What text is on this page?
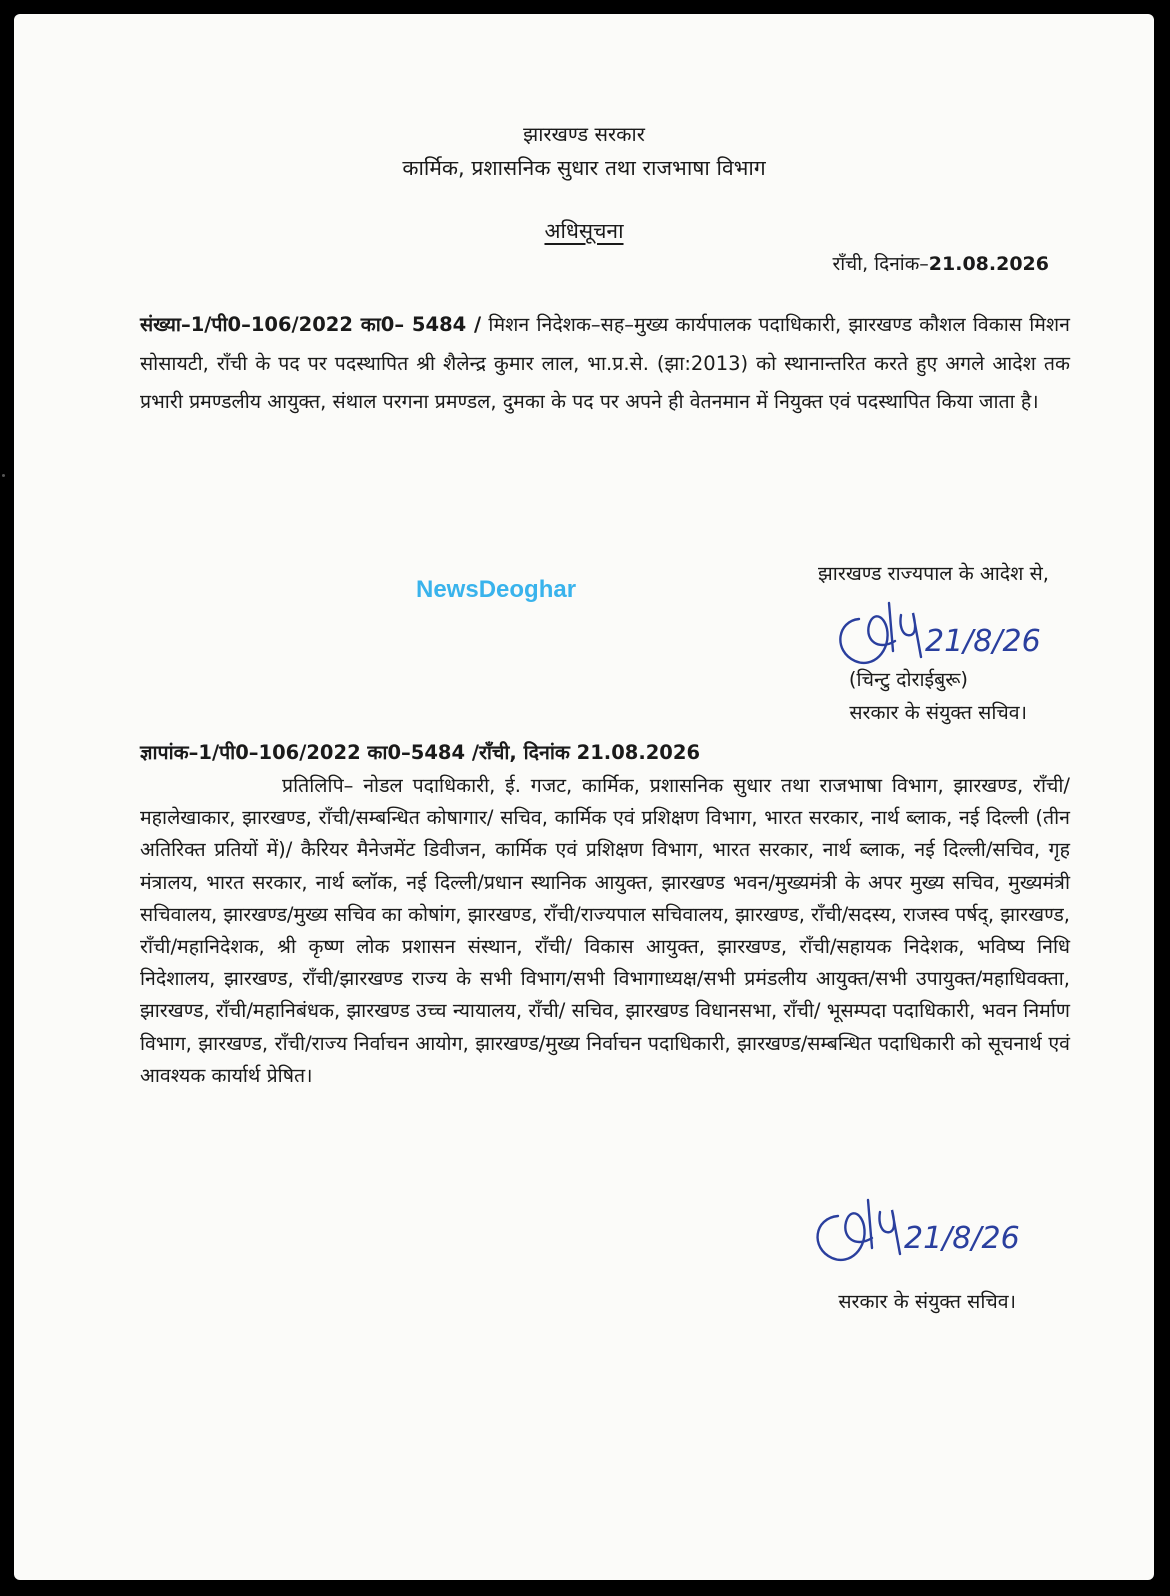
झारखण्ड सरकार
कार्मिक, प्रशासनिक सुधार तथा राजभाषा विभाग
अधिसूचना
राँची, दिनांक–21.08.2026
संख्या–1/पी0–106/2022 का0– 5484 / मिशन निदेशक–सह–मुख्य कार्यपालक पदाधिकारी, झारखण्ड कौशल विकास मिशन सोसायटी, राँची के पद पर पदस्थापित श्री शैलेन्द्र कुमार लाल, भा.प्र.से. (झा:2013) को स्थानान्तरित करते हुए अगले आदेश तक प्रभारी प्रमण्डलीय आयुक्त, संथाल परगना प्रमण्डल, दुमका के पद पर अपने ही वेतनमान में नियुक्त एवं पदस्थापित किया जाता है।
झारखण्ड राज्यपाल के आदेश से,
NewsDeoghar
21/8/26
(चिन्टु दोराईबुरू)
सरकार के संयुक्त सचिव।
ज्ञापांक–1/पी0–106/2022 का0–5484 /राँची, दिनांक 21.08.2026
प्रतिलिपि– नोडल पदाधिकारी, ई. गजट, कार्मिक, प्रशासनिक सुधार तथा राजभाषा विभाग, झारखण्ड, राँची/महालेखाकार, झारखण्ड, राँची/सम्बन्धित कोषागार/ सचिव, कार्मिक एवं प्रशिक्षण विभाग, भारत सरकार, नार्थ ब्लाक, नई दिल्ली (तीन अतिरिक्त प्रतियों में)/ कैरियर मैनेजमेंट डिवीजन, कार्मिक एवं प्रशिक्षण विभाग, भारत सरकार, नार्थ ब्लाक, नई दिल्ली/सचिव, गृह मंत्रालय, भारत सरकार, नार्थ ब्लॉक, नई दिल्ली/प्रधान स्थानिक आयुक्त, झारखण्ड भवन/मुख्यमंत्री के अपर मुख्य सचिव, मुख्यमंत्री सचिवालय, झारखण्ड/मुख्य सचिव का कोषांग, झारखण्ड, राँची/राज्यपाल सचिवालय, झारखण्ड, राँची/सदस्य, राजस्व पर्षद्, झारखण्ड, राँची/महानिदेशक, श्री कृष्ण लोक प्रशासन संस्थान, राँची/ विकास आयुक्त, झारखण्ड, राँची/सहायक निदेशक, भविष्य निधि निदेशालय, झारखण्ड, राँची/झारखण्ड राज्य के सभी विभाग/सभी विभागाध्यक्ष/सभी प्रमंडलीय आयुक्त/सभी उपायुक्त/महाधिवक्ता, झारखण्ड, राँची/महानिबंधक, झारखण्ड उच्च न्यायालय, राँची/ सचिव, झारखण्ड विधानसभा, राँची/ भूसम्पदा पदाधिकारी, भवन निर्माण विभाग, झारखण्ड, राँची/राज्य निर्वाचन आयोग, झारखण्ड/मुख्य निर्वाचन पदाधिकारी, झारखण्ड/सम्बन्धित पदाधिकारी को सूचनार्थ एवं आवश्यक कार्यार्थ प्रेषित।
21/8/26
सरकार के संयुक्त सचिव।
